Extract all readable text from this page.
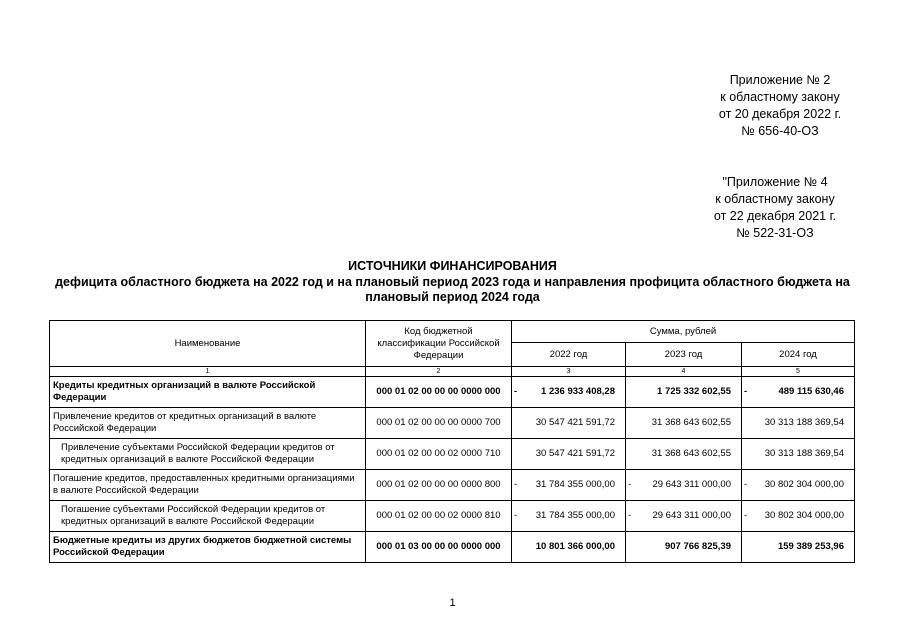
Приложение № 2
к областному закону
от 20 декабря 2022 г.
№ 656-40-ОЗ
"Приложение № 4
к областному закону
от 22 декабря 2021 г.
№ 522-31-ОЗ
ИСТОЧНИКИ ФИНАНСИРОВАНИЯ
дефицита областного бюджета на 2022 год и на плановый период 2023 года и направления профицита областного бюджета на
плановый период 2024 года
Наименование	Код бюджетной классификации Российской Федерации	Сумма, рублей		
		2022 год	2023 год	2024 год
1	2	3	4	5
Кредиты кредитных организаций в валюте Российской Федерации	000 01 02 00 00 00 0000 000	- 1 236 933 408,28	1 725 332 602,55	- 489 115 630,46
Привлечение кредитов от кредитных организаций в валюте Российской Федерации	000 01 02 00 00 00 0000 700	30 547 421 591,72	31 368 643 602,55	30 313 188 369,54
Привлечение субъектами Российской Федерации кредитов от кредитных организаций в валюте Российской Федерации	000 01 02 00 00 02 0000 710	30 547 421 591,72	31 368 643 602,55	30 313 188 369,54
Погашение кредитов, предоставленных кредитными организациями в валюте Российской Федерации	000 01 02 00 00 00 0000 800	- 31 784 355 000,00	- 29 643 311 000,00	- 30 802 304 000,00
Погашение субъектами Российской Федерации кредитов от кредитных организаций в валюте Российской Федерации	000 01 02 00 00 02 0000 810	- 31 784 355 000,00	- 29 643 311 000,00	- 30 802 304 000,00
Бюджетные кредиты из других бюджетов бюджетной системы Российской Федерации	000 01 03 00 00 00 0000 000	10 801 366 000,00	907 766 825,39	159 389 253,96
1
